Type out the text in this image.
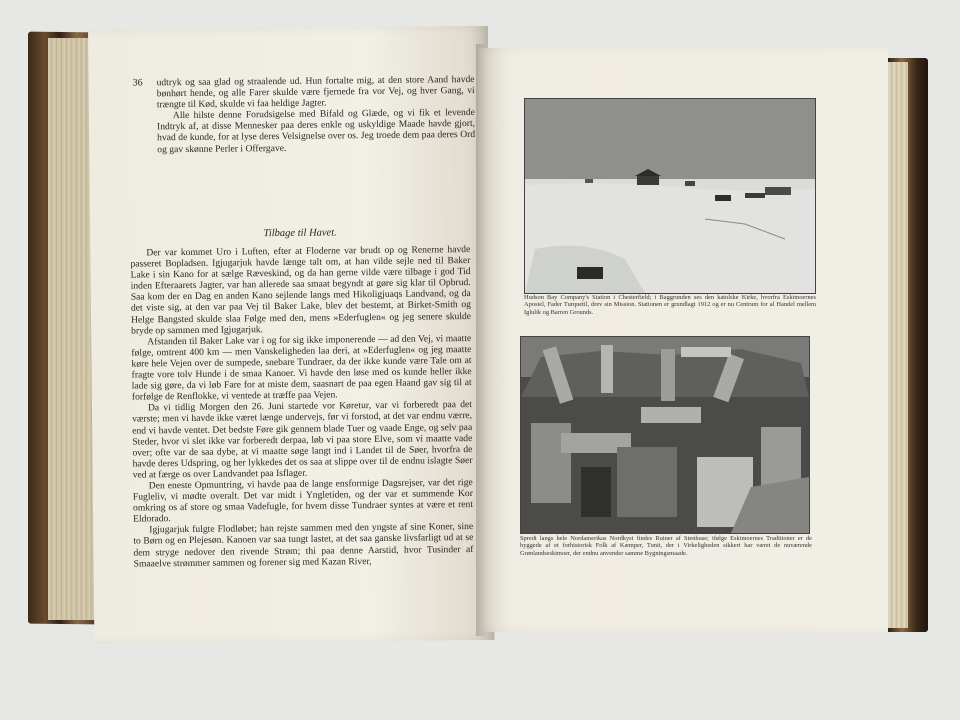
36 udtryk og saa glad og straalende ud. Hun fortalte mig, at den store Aand havde bønhørt hende, og alle Farer skulde være fjernede fra vor Vej, og hver Gang, vi trængte til Kød, skulde vi faa heldige Jagter.

Alle hilste denne Forudsigelse med Bifald og Glæde, og vi fik et levende Indtryk af, at disse Mennesker paa deres enkle og uskyldige Maade havde gjort, hvad de kunde, for at lyse deres Velsignelse over os. Jeg troede dem paa deres Ord og gav skønne Perler i Offergave.

Tilbage til Havet.

Der var kommet Uro i Luften, efter at Floderne var brudt op og Renerne havde passeret Bopladsen. Igjugarjuk havde længe talt om, at han vilde sejle ned til Baker Lake i sin Kano for at sælge Ræveskind, og da han gerne vilde være tilbage i god Tid inden Efteraarets Jagter, var han allerede saa smaat begyndt at gøre sig klar til Opbrud. Saa kom der en Dag en anden Kano sejlende langs med Hikoligjuaqs Landvand, og da det viste sig, at den var paa Vej til Baker Lake, blev det bestemt, at Birket-Smith og Helge Bangsted skulde slaa Følge med den, mens »Ederfuglen« og jeg senere skulde bryde op sammen med Igjugarjuk.

Afstanden til Baker Lake var i og for sig ikke imponerende — ad den Vej, vi maatte følge, omtrent 400 km — men Vanskeligheden laa deri, at »Ederfuglen« og jeg maatte køre hele Vejen over de sumpede, snebare Tundraer, da der ikke kunde være Tale om at fragte vore tolv Hunde i de smaa Kanoer. Vi havde den løse med os kunde heller ikke lade sig gøre, da vi løb Fare for at miste dem, saasnart de paa egen Haand gav sig til at forfølge de Renflokke, vi ventede at træffe paa Vejen.

Da vi tidlig Morgen den 26. Juni startede vor Køretur, var vi forberedt paa det værste; men vi havde ikke været længe undervejs, før vi forstod, at det var endnu værre, end vi havde ventet. Det bedste Føre gik gennem blade Tuer og vaade Enge, og selv paa Steder, hvor vi slet ikke var forberedt derpaa, løb vi paa store Elve, som vi maatte vade over; ofte var de saa dybe, at vi maatte søge langt ind i Landet til de Søer, hvorfra de havde deres Udspring, og her lykkedes det os saa at slippe over til de endnu islagte Søer ved at færge os over Landvandet paa Isflager.

Den eneste Opmuntring, vi havde paa de lange ensformige Dagsrejser, var det rige Fugleliv, vi mødte overalt. Det var midt i Yngletiden, og der var et summende Kor omkring os af store og smaa Vadefugle, for hvem disse Tundraer syntes at være et rent Eldorado.

Igjugarjuk fulgte Flodløbet; han rejste sammen med den yngste af sine Koner, sine to Børn og en Plejesøn. Kanoen var saa tungt lastet, at det saa ganske livsfarligt ud at se dem stryge nedover den rivende Strøm; thi paa denne Aarstid, hvor Tusinder af Smaaelve strømmer sammen og forener sig med Kazan River,

Hudson Bay Company's Station i Chesterfield; i Baggrunden ses den katolske Kirke, hvorfra Eskimoernes Apostel, Fader Turquetil, drev sin Mission. Stationen er grundlagt 1912 og er nu Centrum for al Handel mellem Iglulik og Barren Grounds.
Spredt langs hele Nordamerikas Nordkyst findes Ruiner af Stenhuse; ifølge Eskimoernes Traditioner er de byggede af et forhistorisk Folk af Kæmper, Tunit, der i Virkeligheden sikkert har været de nuværende Grønlandseskimoer, der endnu anvender samme Bygningsmaade.
